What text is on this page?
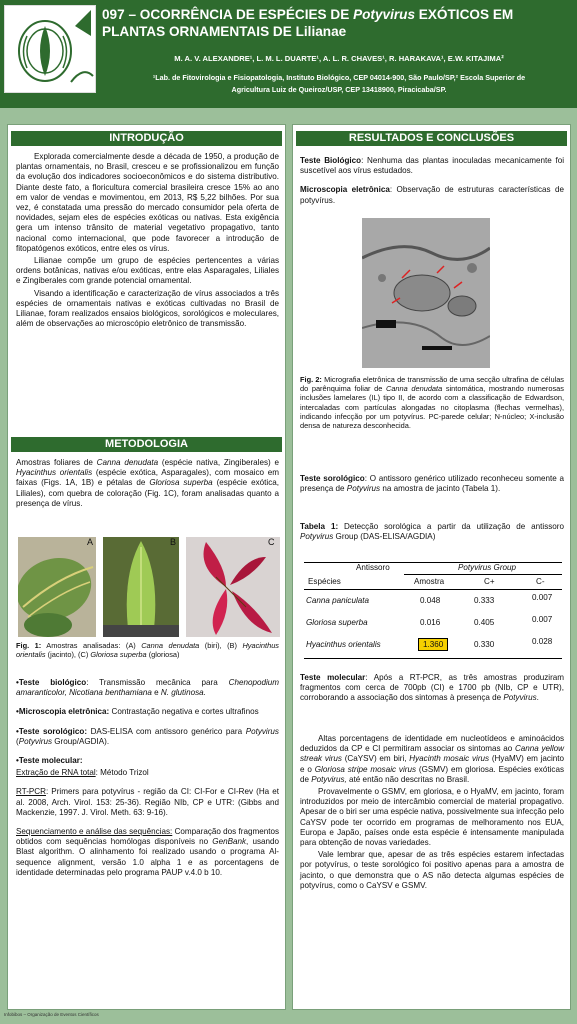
097 – OCORRÊNCIA DE ESPÉCIES DE Potyvirus EXÓTICOS EM PLANTAS ORNAMENTAIS DE Lilianae
M. A. V. ALEXANDRE¹, L. M. L. DUARTE¹, A. L. R. CHAVES¹, R. HARAKAVA¹, E.W. KITAJIMA²
¹Lab. de Fitovirologia e Fisiopatologia, Instituto Biológico, CEP 04014-900, São Paulo/SP,² Escola Superior de
Agricultura Luiz de Queiroz/USP, CEP 13418900, Piracicaba/SP.
INTRODUÇÃO

Explorada comercialmente desde a década de 1950, a produção de plantas ornamentais, no Brasil, cresceu e se profissionalizou em função da evolução dos indicadores socioeconômicos e do sistema distributivo. Diante deste fato, a floricultura comercial brasileira cresce 15% ao ano em valor de vendas e movimentou, em 2013, R$ 5,22 bilhões. Por sua vez, é constatada uma pressão do mercado consumidor pela oferta de novidades, sejam eles de espécies exóticas ou nativas. Esta exigência gera um intenso trânsito de material vegetativo propagativo, tanto nacional como internacional, que pode favorecer a introdução de fitopatógenos exóticos, entre eles os vírus.

Lilianae compõe um grupo de espécies pertencentes a várias ordens botânicas, nativas e/ou exóticas, entre elas Asparagales, Liliales e Zingiberales com grande potencial ornamental.

Visando a identificação e caracterização de vírus associados a três espécies de ornamentais nativas e exóticas cultivadas no Brasil de Lilianae, foram realizados ensaios biológicos, sorológicos e moleculares, além de observações ao microscópio eletrônico de transmissão.

METODOLOGIA
Amostras foliares de Canna denudata (espécie nativa, Zingiberales) e Hyacinthus orientalis (espécie exótica, Asparagales), com mosaico em faixas (Figs. 1A, 1B) e pétalas de Gloriosa superba (espécie exótica, Liliales), com quebra de coloração (Fig. 1C), foram analisadas quanto a presença de vírus.
A	B	C
Fig. 1: Amostras analisadas: (A) Canna denudata (biri), (B) Hyacinthus orientalis (jacinto), (C) Gloriosa superba (gloriosa)

•Teste biológico: Transmissão mecânica para Chenopodium amaranticolor, Nicotiana benthamiana e N. glutinosa.

•Microscopia eletrônica: Contrastação negativa e cortes ultrafinos

•Teste sorológico: DAS-ELISA com antissoro genérico para Potyvirus (Potyvirus Group/AGDIA).

•Teste molecular:

Extração de RNA total: Método Trizol

RT-PCR: Primers para potyvírus - região da CI: CI-For e CI-Rev (Ha et al. 2008, Arch. Virol. 153: 25-36). Região NIb, CP e UTR: (Gibbs and Mackenzie, 1997. J. Virol. Meth. 63: 9-16).

Sequenciamento e análise das sequências: Comparação dos fragmentos obtidos com sequências homólogas disponíveis no GenBank, usando Blast algorithm. O alinhamento foi realizado usando o programa Al-sequence alignment, versão 1.0 alpha 1 e as porcentagens de identidade determinadas pelo programa PAUP v.4.0 b 10.

RESULTADOS E CONCLUSÕES

Teste Biológico: Nenhuma das plantas inoculadas mecanicamente foi suscetível aos vírus estudados.

Microscopia eletrônica: Observação de estruturas características de potyvírus.

Fig. 2: Micrografia eletrônica de transmissão de uma secção ultrafina de células do parênquima foliar de Canna denudata sintomática, mostrando numerosas inclusões lamelares (IL) tipo II, de acordo com a classificação de Edwardson, intercaladas com partículas alongadas no citoplasma (flechas vermelhas), indicando infecção por um potyvírus. PC-parede celular; N-núcleo; X-inclusão densa de natureza desconhecida.
Teste sorológico: O antissoro genérico utilizado reconheceu somente a presença de Potyvirus na amostra de jacinto (Tabela 1).
Tabela 1: Detecção sorológica a partir da utilização de antissoro Potyvirus Group (DAS-ELISA/AGDIA)
Antissoro	Potyvirus Group
Espécies	Amostra	C+	C-
Canna paniculata	0.048	0.333	0.007
Gloriosa superba	0.016	0.405	0.007
Hyacinthus orientalis	1.360	0.330	0.028
Teste molecular: Após a RT-PCR, as três amostras produziram fragmentos com cerca de 700pb (CI) e 1700 pb (NIb, CP e UTR), corroborando a associação dos sintomas à presença de Potyvirus.

Altas porcentagens de identidade em nucleotídeos e aminoácidos deduzidos da CP e CI permitiram associar os sintomas ao Canna yellow streak virus (CaYSV) em biri, Hyacinth mosaic virus (HyaMV) em jacinto e o Gloriosa stripe mosaic virus (GSMV) em gloriosa. Espécies exóticas de Potyvirus, até então não descritas no Brasil.

Provavelmente o GSMV, em gloriosa, e o HyaMV, em jacinto, foram introduzidos por meio de intercâmbio comercial de material propagativo. Apesar de o biri ser uma espécie nativa, possivelmente sua infecção pelo CaYSV pode ter ocorrido em programas de melhoramento nos EUA, Europa e Japão, países onde esta espécie é intensamente manipulada para obtenção de novas variedades.

Vale lembrar que, apesar de as três espécies estarem infectadas por potyvírus, o teste sorológico foi positivo apenas para a amostra de jacinto, o que demonstra que o AS não detecta algumas espécies de potyvírus, como o CaYSV e GSMV.

Infobibos – Organização de Eventos Científicos
